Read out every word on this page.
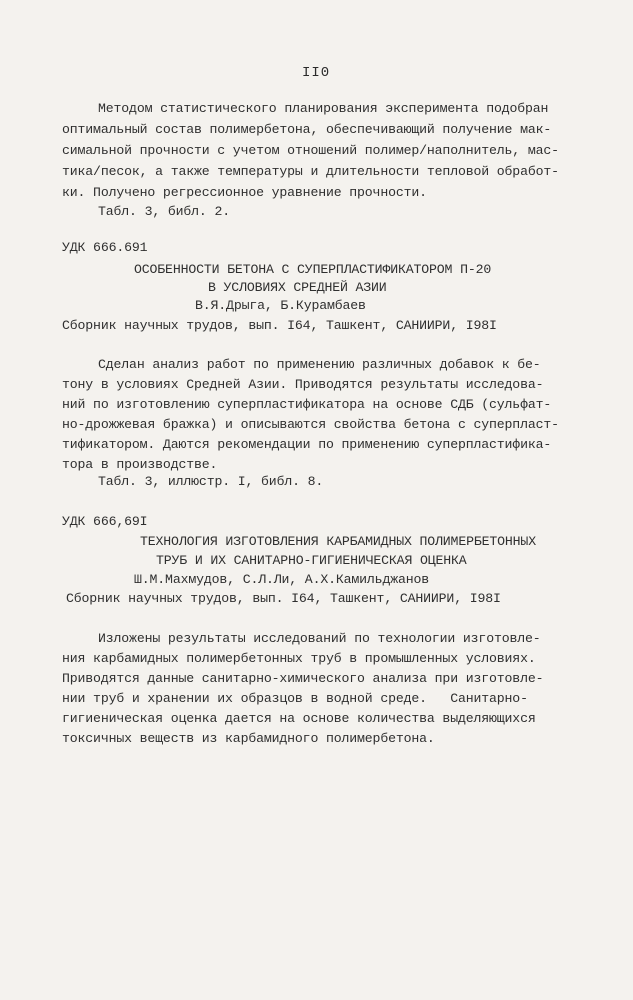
II0
Методом статистического планирования эксперимента подобран
оптимальный состав полимербетона, обеспечивающий получение мак-
симальной прочности с учетом отношений полимер/наполнитель, мас-
тика/песок, а также температуры и длительности тепловой обработ-
ки. Получено регрессионное уравнение прочности.
Табл. 3, библ. 2.
УДК 666.691
ОСОБЕННОСТИ БЕТОНА С СУПЕРПЛАСТИФИКАТОРОМ П-20
В УСЛОВИЯХ СРЕДНЕЙ АЗИИ
В.Я.Дрыга, Б.Курамбаев
Сборник научных трудов, вып. I64, Ташкент, САНИИРИ, I98I
Сделан анализ работ по применению различных добавок к бе-
тону в условиях Средней Азии. Приводятся результаты исследова-
ний по изготовлению суперпластификатора на основе СДБ (сульфат-
но-дрожжевая бражка) и описываются свойства бетона с суперпласт-
тификатором. Даются рекомендации по применению суперпластифика-
тора в производстве.
Табл. 3, иллюстр. I, библ. 8.
УДК 666,69I
ТЕХНОЛОГИЯ ИЗГОТОВЛЕНИЯ КАРБАМИДНЫХ ПОЛИМЕРБЕТОННЫХ
ТРУБ И ИХ САНИТАРНО-ГИГИЕНИЧЕСКАЯ ОЦЕНКА
Ш.М.Махмудов, С.Л.Ли, А.Х.Камильджанов
Сборник научных трудов, вып. I64, Ташкент, САНИИРИ, I98I
Изложены результаты исследований по технологии изготовле-
ния карбамидных полимербетонных труб в промышленных условиях.
Приводятся данные санитарно-химического анализа при изготовле-
нии труб и хранении их образцов в водной среде.   Санитарно-
гигиеническая оценка дается на основе количества выделяющихся
токсичных веществ из карбамидного полимербетона.
